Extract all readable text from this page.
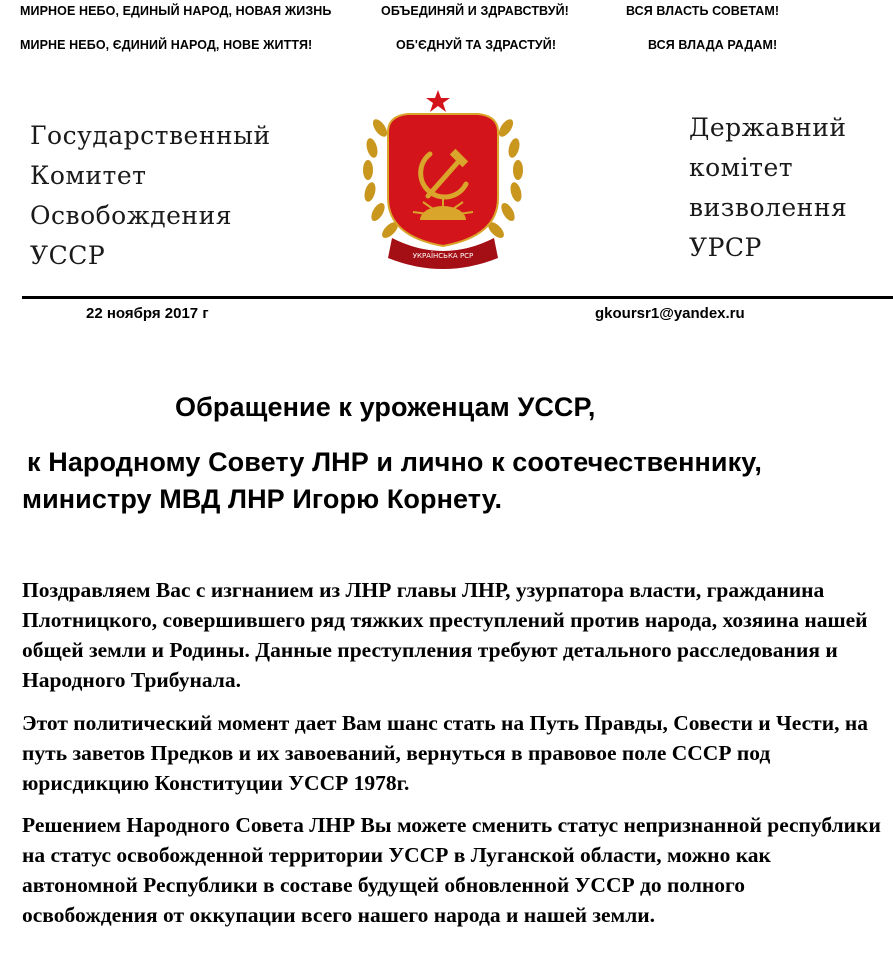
МИРНОЕ НЕБО, ЕДИНЫЙ НАРОД, НОВАЯ ЖИЗНЬ	ОБЪЕДИНЯЙ И ЗДРАВСТВУЙ!	ВСЯ ВЛАСТЬ СОВЕТАМ!
МИРНЕ НЕБО, ЄДИНИЙ НАРОД, НОВЕ ЖИТТЯ!	ОБ'ЄДНУЙ ТА ЗДРАСТУЙ!	ВСЯ ВЛАДА РАДАМ!
Государственный
Комитет
Освобождения
УССР
Державний
комітет
визволення
УРСР
УКРАЇНСЬКА РСР
22 ноября 2017 г	gkoursr1@yandex.ru
Обращение к уроженцам УССР,
к Народному Совету ЛНР и лично к соотечественнику,
министру МВД ЛНР Игорю Корнету.

Поздравляем Вас с изгнанием из ЛНР главы ЛНР, узурпатора власти, гражданина Плотницкого, совершившего ряд тяжких преступлений против народа, хозяина нашей общей земли и Родины. Данные преступления требуют детального расследования и Народного Трибунала.

Этот политический момент дает Вам шанс стать на Путь Правды, Совести и Чести, на путь заветов Предков и их завоеваний, вернуться в правовое поле СССР под юрисдикцию Конституции УССР 1978г.

Решением Народного Совета ЛНР Вы можете сменить статус непризнанной республики на статус освобожденной территории УССР в Луганской области, можно как автономной Республики в составе будущей обновленной УССР до полного освобождения от оккупации всего нашего народа и нашей земли.
